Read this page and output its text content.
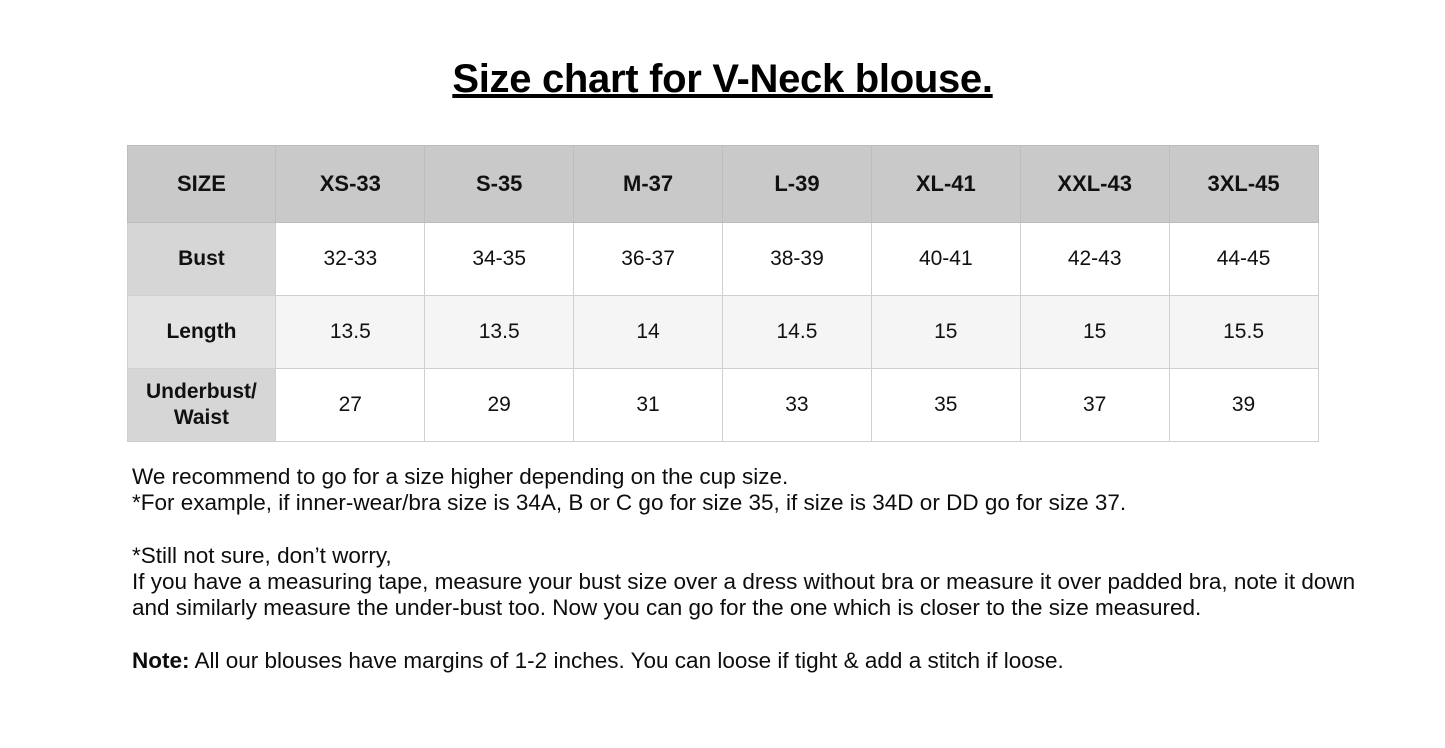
Size chart for V-Neck blouse.
SIZE	XS-33	S-35	M-37	L-39	XL-41	XXL-43	3XL-45
Bust	32-33	34-35	36-37	38-39	40-41	42-43	44-45
Length	13.5	13.5	14	14.5	15	15	15.5
Underbust/ Waist	27	29	31	33	35	37	39

We recommend to go for a size higher depending on the cup size.

*For example, if inner-wear/bra size is 34A, B or C go for size 35, if size is 34D or DD go for size 37.

*Still not sure, don’t worry,

If you have a measuring tape, measure your bust size over a dress without bra or measure it over padded bra, note it down and similarly measure the under-bust too. Now you can go for the one which is closer to the size measured.

Note: All our blouses have margins of 1-2 inches. You can loose if tight & add a stitch if loose.
